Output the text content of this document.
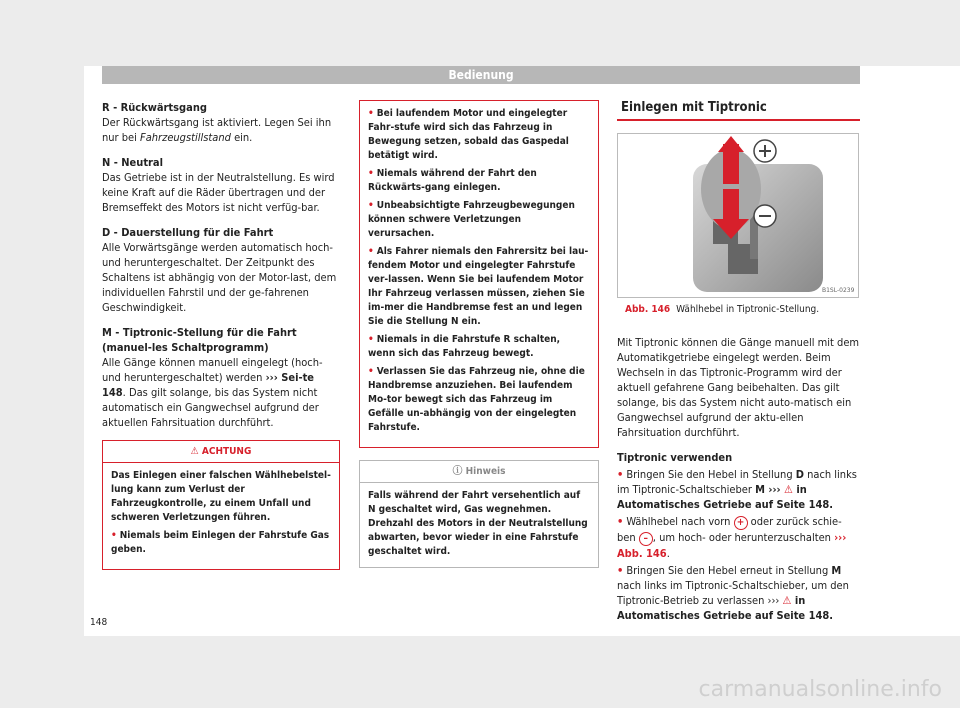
Bedienung

R - Rückwärtsgang

Der Rückwärtsgang ist aktiviert. Legen Sei ihn nur bei Fahrzeugstillstand ein.

N - Neutral

Das Getriebe ist in der Neutralstellung. Es wird keine Kraft auf die Räder übertragen und der Bremseffekt des Motors ist nicht verfüg-bar.

D - Dauerstellung für die Fahrt

Alle Vorwärtsgänge werden automatisch hoch- und heruntergeschaltet. Der Zeitpunkt des Schaltens ist abhängig von der Motor-last, dem individuellen Fahrstil und der ge-fahrenen Geschwindigkeit.

M - Tiptronic-Stellung für die Fahrt (manuel-les Schaltprogramm)

Alle Gänge können manuell eingelegt (hoch- und heruntergeschaltet) werden ››› Sei-te 148. Das gilt solange, bis das System nicht automatisch ein Gangwechsel aufgrund der aktuellen Fahrsituation durchführt.

⚠ ACHTUNG

Das Einlegen einer falschen Wählhebelstel-lung kann zum Verlust der Fahrzeugkontrolle, zu einem Unfall und schweren Verletzungen führen.

• Niemals beim Einlegen der Fahrstufe Gas geben.

• Bei laufendem Motor und eingelegter Fahr-stufe wird sich das Fahrzeug in Bewegung setzen, sobald das Gaspedal betätigt wird.

• Niemals während der Fahrt den Rückwärts-gang einlegen.

• Unbeabsichtigte Fahrzeugbewegungen können schwere Verletzungen verursachen.

• Als Fahrer niemals den Fahrersitz bei lau-fendem Motor und eingelegter Fahrstufe ver-lassen. Wenn Sie bei laufendem Motor Ihr Fahrzeug verlassen müssen, ziehen Sie im-mer die Handbremse fest an und legen Sie die Stellung N ein.

• Niemals in die Fahrstufe R schalten, wenn sich das Fahrzeug bewegt.

• Verlassen Sie das Fahrzeug nie, ohne die Handbremse anzuziehen. Bei laufendem Mo-tor bewegt sich das Fahrzeug im Gefälle un-abhängig von der eingelegten Fahrstufe.

ⓘ Hinweis
Falls während der Fahrt versehentlich auf N geschaltet wird, Gas wegnehmen. Drehzahl des Motors in der Neutralstellung abwarten, bevor wieder in eine Fahrstufe geschaltet wird.
Einlegen mit Tiptronic
B1SL-0239
Abb. 146 Wählhebel in Tiptronic-Stellung.

Mit Tiptronic können die Gänge manuell mit dem Automatikgetriebe eingelegt werden. Beim Wechseln in das Tiptronic-Programm wird der aktuell gefahrene Gang beibehalten. Das gilt solange, bis das System nicht auto-matisch ein Gangwechsel aufgrund der aktu-ellen Fahrsituation durchführt.

Tiptronic verwenden

• Bringen Sie den Hebel in Stellung D nach links im Tiptronic-Schaltschieber M ››› ⚠ in Automatisches Getriebe auf Seite 148.

• Wählhebel nach vorn + oder zurück schie-ben – , um hoch- oder herunterzuschalten ››› Abb. 146.

• Bringen Sie den Hebel erneut in Stellung M nach links im Tiptronic-Schaltschieber, um den Tiptronic-Betrieb zu verlassen ››› ⚠ in Automatisches Getriebe auf Seite 148.

148
carmanualsonline.info
